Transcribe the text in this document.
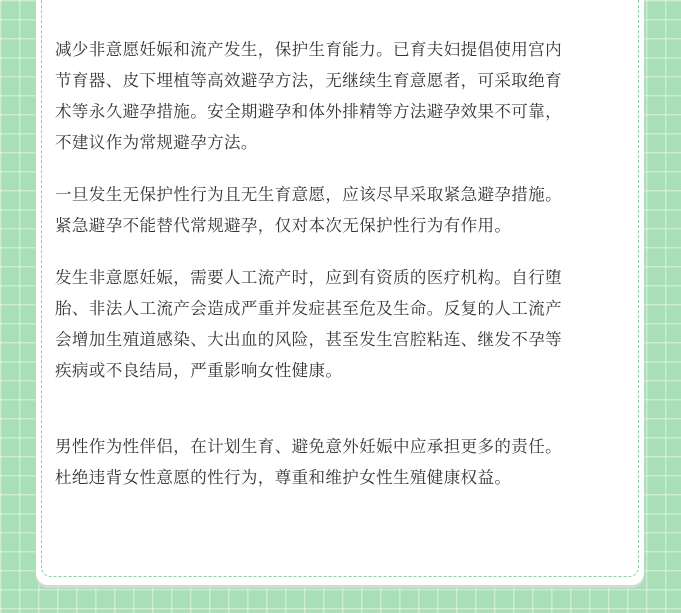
减少非意愿妊娠和流产发生，保护生育能力。已育夫妇提倡使用宫内
节育器、皮下埋植等高效避孕方法，无继续生育意愿者，可采取绝育
术等永久避孕措施。安全期避孕和体外排精等方法避孕效果不可靠，
不建议作为常规避孕方法。

一旦发生无保护性行为且无生育意愿，应该尽早采取紧急避孕措施。
紧急避孕不能替代常规避孕，仅对本次无保护性行为有作用。

发生非意愿妊娠，需要人工流产时，应到有资质的医疗机构。自行堕
胎、非法人工流产会造成严重并发症甚至危及生命。反复的人工流产
会增加生殖道感染、大出血的风险，甚至发生宫腔粘连、继发不孕等
疾病或不良结局，严重影响女性健康。

男性作为性伴侣，在计划生育、避免意外妊娠中应承担更多的责任。
杜绝违背女性意愿的性行为，尊重和维护女性生殖健康权益。
